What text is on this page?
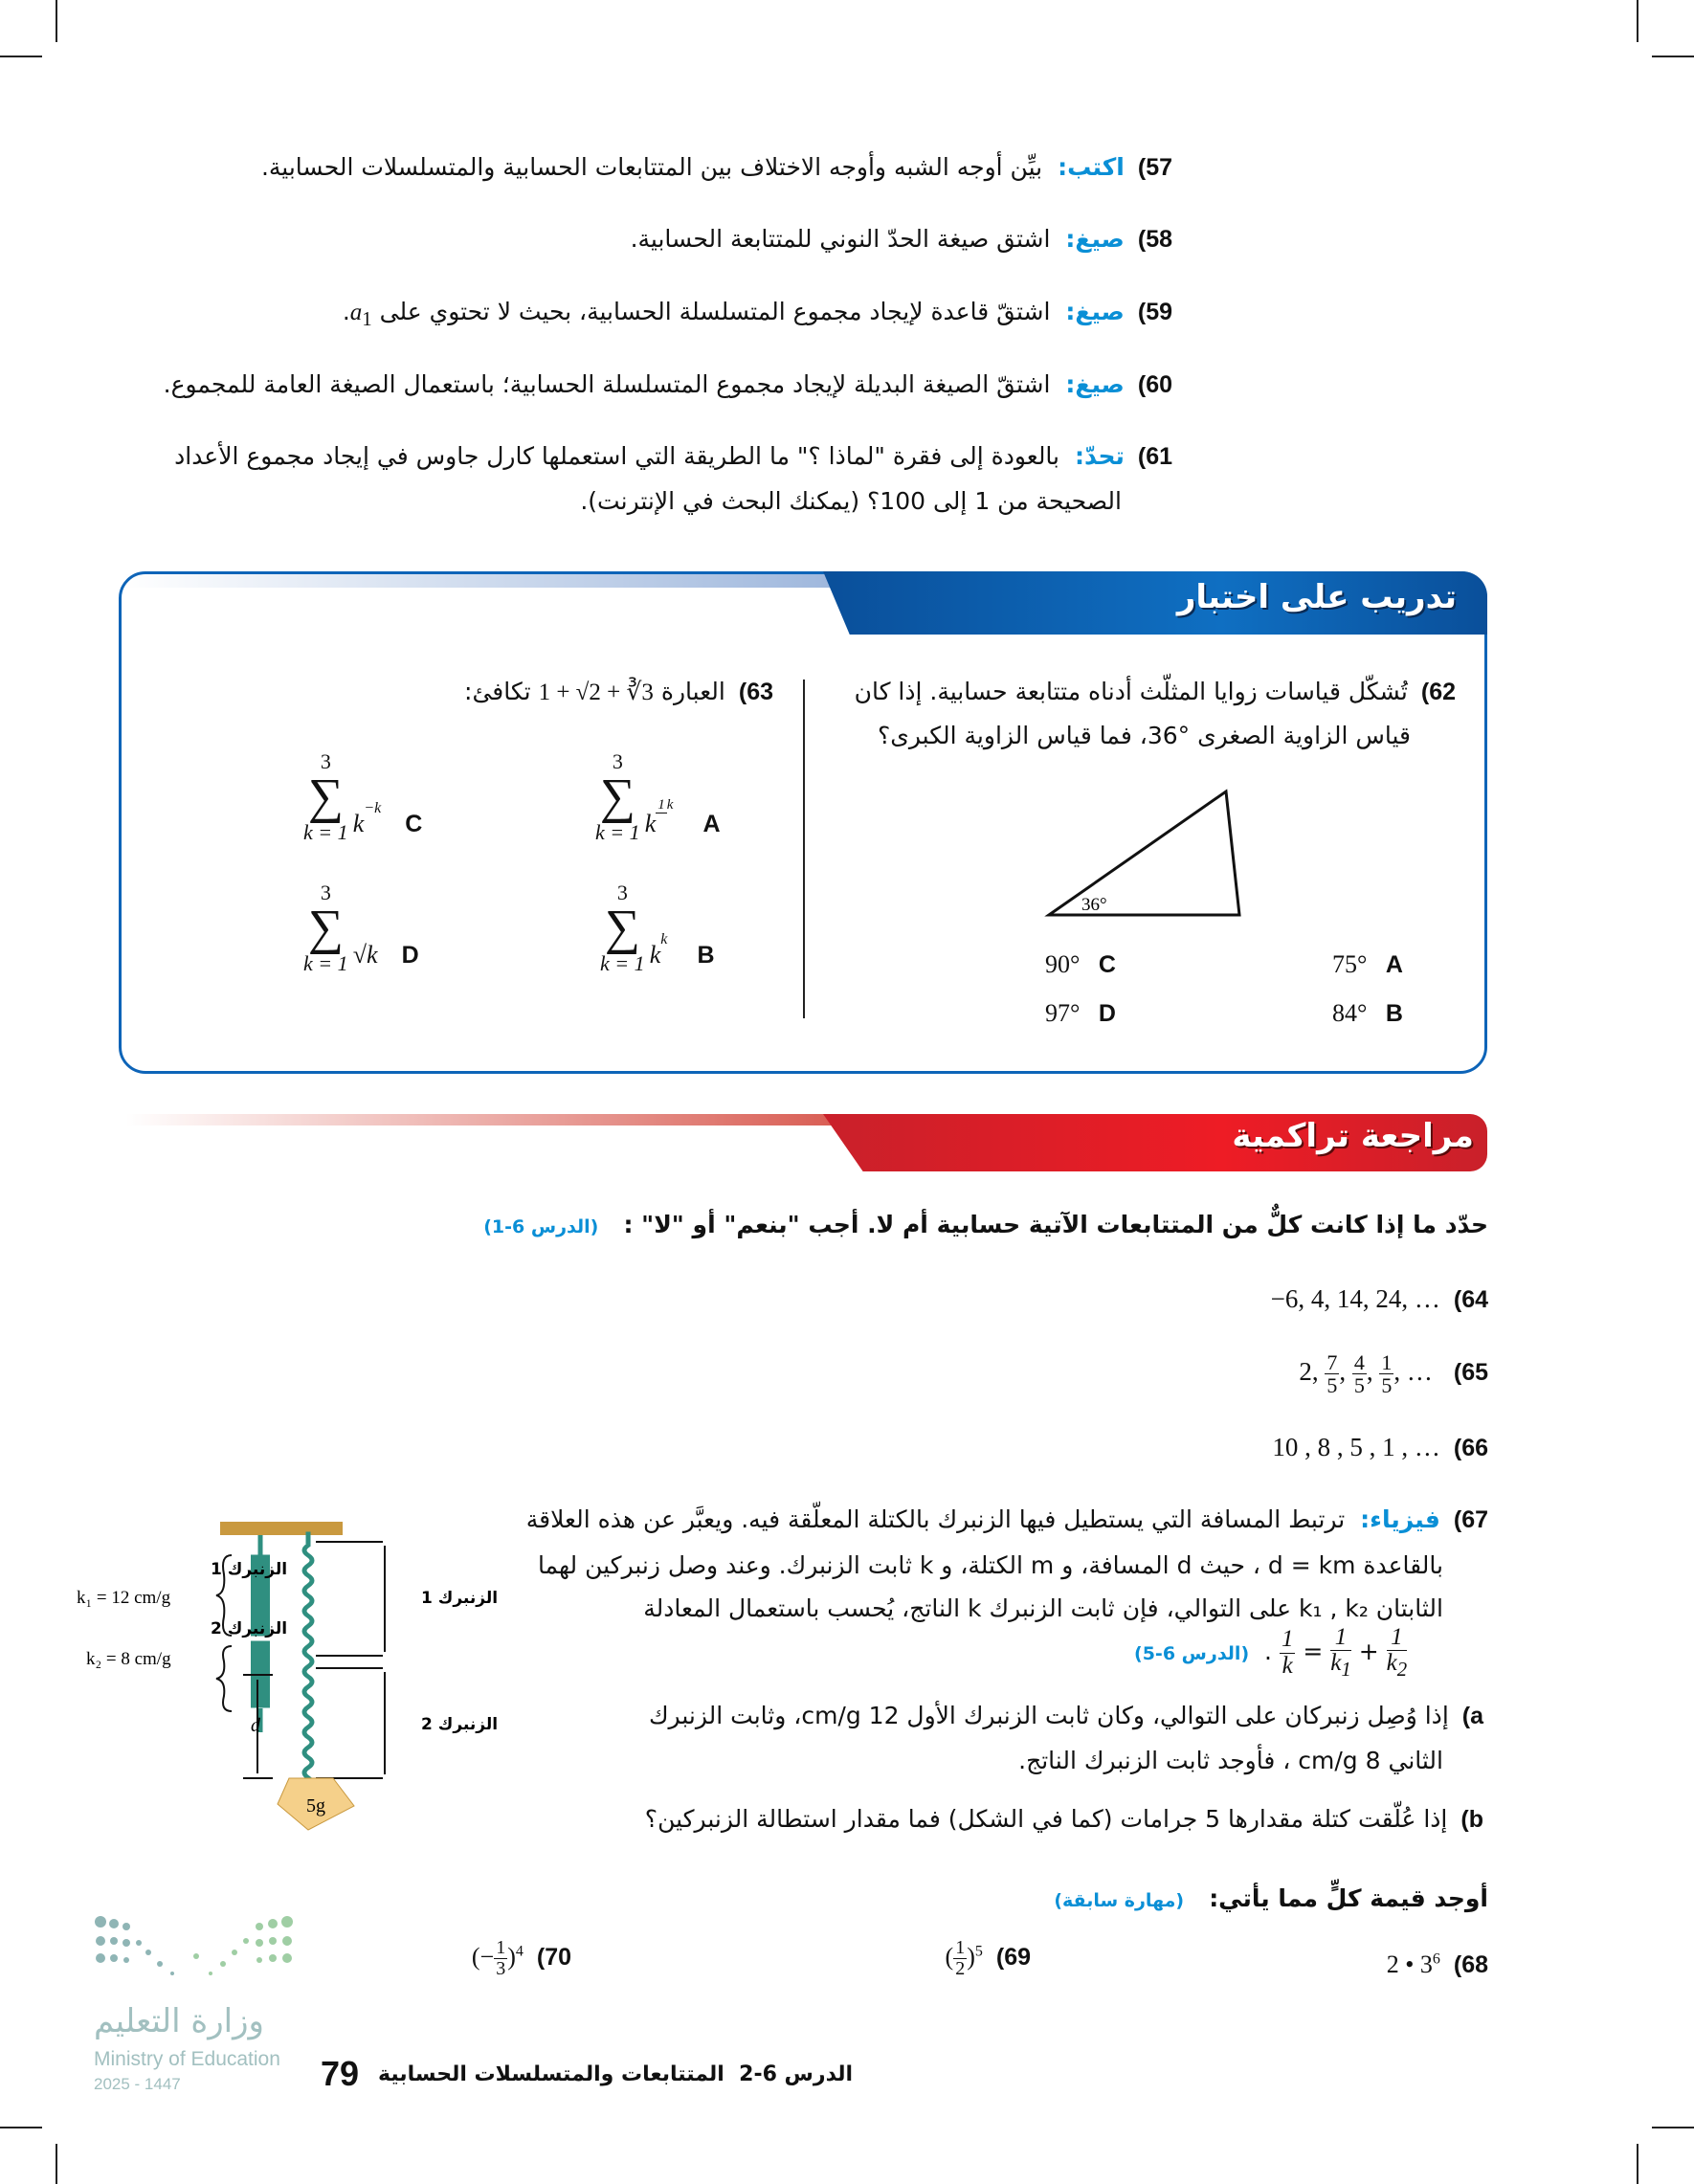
57 )اكتب:بيِّن أوجه الشبه وأوجه الاختلاف بين المتتابعات الحسابية والمتسلسلات الحسابية.
58 )صيغ:اشتق صيغة الحدّ النوني للمتتابعة الحسابية.
59 )صيغ:اشتقّ قاعدة لإيجاد مجموع المتسلسلة الحسابية، بحيث لا تحتوي على $a_1$.
60 )صيغ:اشتقّ الصيغة البديلة لإيجاد مجموع المتسلسلة الحسابية؛ باستعمال الصيغة العامة للمجموع.
61 )تحدّ:بالعودة إلى فقرة "لماذا ؟" ما الطريقة التي استعملها كارل جاوس في إيجاد مجموع الأعداد
الصحيحة من 1 إلى 100؟ (يمكنك البحث في الإنترنت).
تدريب على اختبار
62 )تُشكّل قياسات زوايا المثلّث أدناه متتابعة حسابية. إذا كان
قياس الزاوية الصغرى °36، فما قياس الزاوية الكبرى؟
36°
75° A
84° B
90° C
97° D
63 )العبارة 1 + √2 + ∛3 تكافئ:
3
∑
k = 1 k1 k A
3
∑
k = 1 $k^k$ B
3
∑
k = 1 $k^{-k}$ C
3
∑
k = 1 √k D
مراجعة تراكمية
حدّد ما إذا كانت كلٌّ من المتتابعات الآتية حسابية أم لا. أجب "بنعم" أو "لا" :   (الدرس 6-1)
64 )−6, 4, 14, 24, …
65 ) 2, $\frac{7}{5}$ , $\frac{4}{5}$ , $\frac{1}{5}$ , …
66 )10 , 8 , 5 , 1 , …
67 )فيزياء:ترتبط المسافة التي يستطيل فيها الزنبرك بالكتلة المعلّقة فيه. ويعبَّر عن هذه العلاقة
بالقاعدة d = km ، حيث d المسافة، و m الكتلة، و k ثابت الزنبرك. وعند وصل زنبركين لهما
الثابتان k₁ , k₂ على التوالي، فإن ثابت الزنبرك k الناتج، يُحسب باستعمال المعادلة
(الدرس 6-5)  . $\frac{1}{k} = \frac{1}{k_1} + \frac{1}{k_2}$
a )إذا وُصِل زنبركان على التوالي، وكان ثابت الزنبرك الأول 12 cm/g، وثابت الزنبرك
الثاني 8 cm/g ، فأوجد ثابت الزنبرك الناتج.
b )إذا عُلّقت كتلة مقدارها 5 جرامات (كما في الشكل) فما مقدار استطالة الزنبركين؟
5g
d
الزنبرك 1
k₁ = 12 cm/g
الزنبرك 2
k₂ = 8 cm/g
الزنبرك 1
الزنبرك 2
أوجد قيمة كلٍّ مما يأتي:   (مهارة سابقة)
68 )2 • $3^6$
69 )( $\frac{1}{2} )^5$
70 )(− $\frac{1}{3} )^4$
وزارة التعليم
Ministry of Education
2025 - 1447	79	الدرس 6-2  المتتابعات والمتسلسلات الحسابية
